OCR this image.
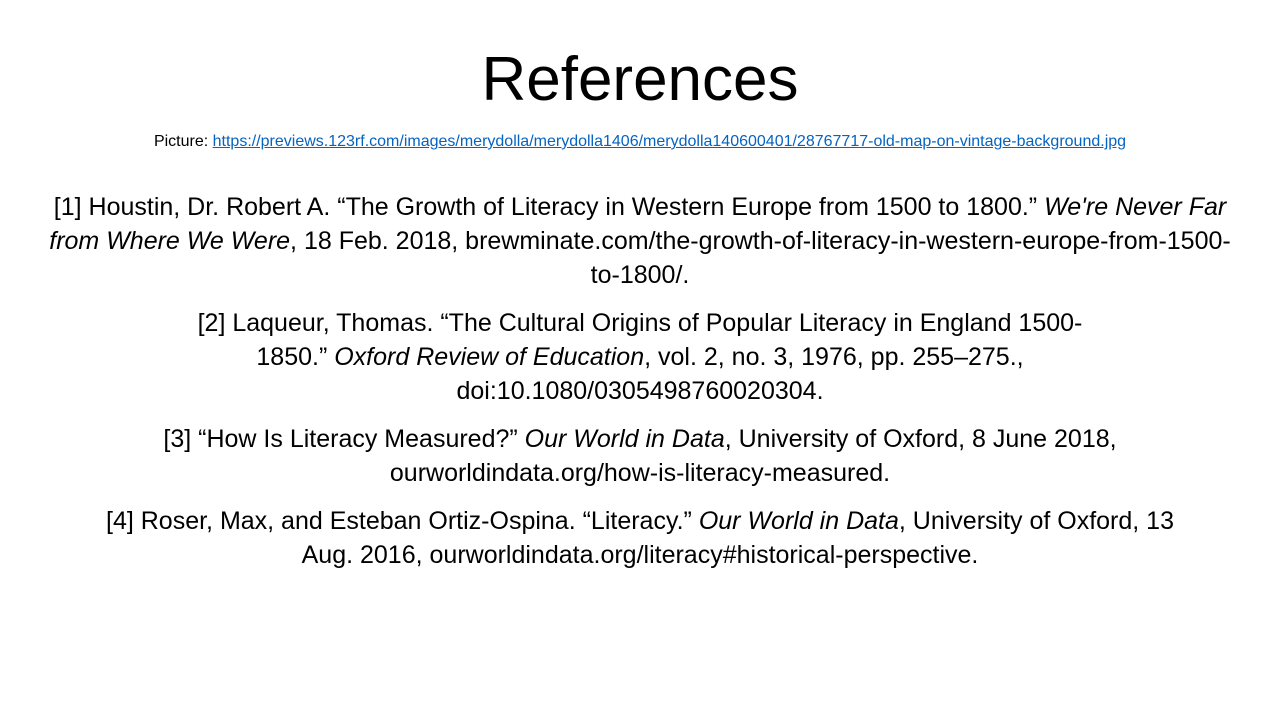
References
Picture: https://previews.123rf.com/images/merydolla/merydolla1406/merydolla140600401/28767717-old-map-on-vintage-background.jpg

[1] Houstin, Dr. Robert A. “The Growth of Literacy in Western Europe from 1500 to 1800.” We're Never Far from Where We Were, 18 Feb. 2018, brewminate.com/the-growth-of-literacy-in-western-europe-from-1500-to-1800/.

[2] Laqueur, Thomas. “The Cultural Origins of Popular Literacy in England 1500-1850.” Oxford Review of Education, vol. 2, no. 3, 1976, pp. 255–275., doi:10.1080/0305498760020304.

[3] “How Is Literacy Measured?” Our World in Data, University of Oxford, 8 June 2018, ourworldindata.org/how-is-literacy-measured.

[4] Roser, Max, and Esteban Ortiz-Ospina. “Literacy.” Our World in Data, University of Oxford, 13 Aug. 2016, ourworldindata.org/literacy#historical-perspective.
